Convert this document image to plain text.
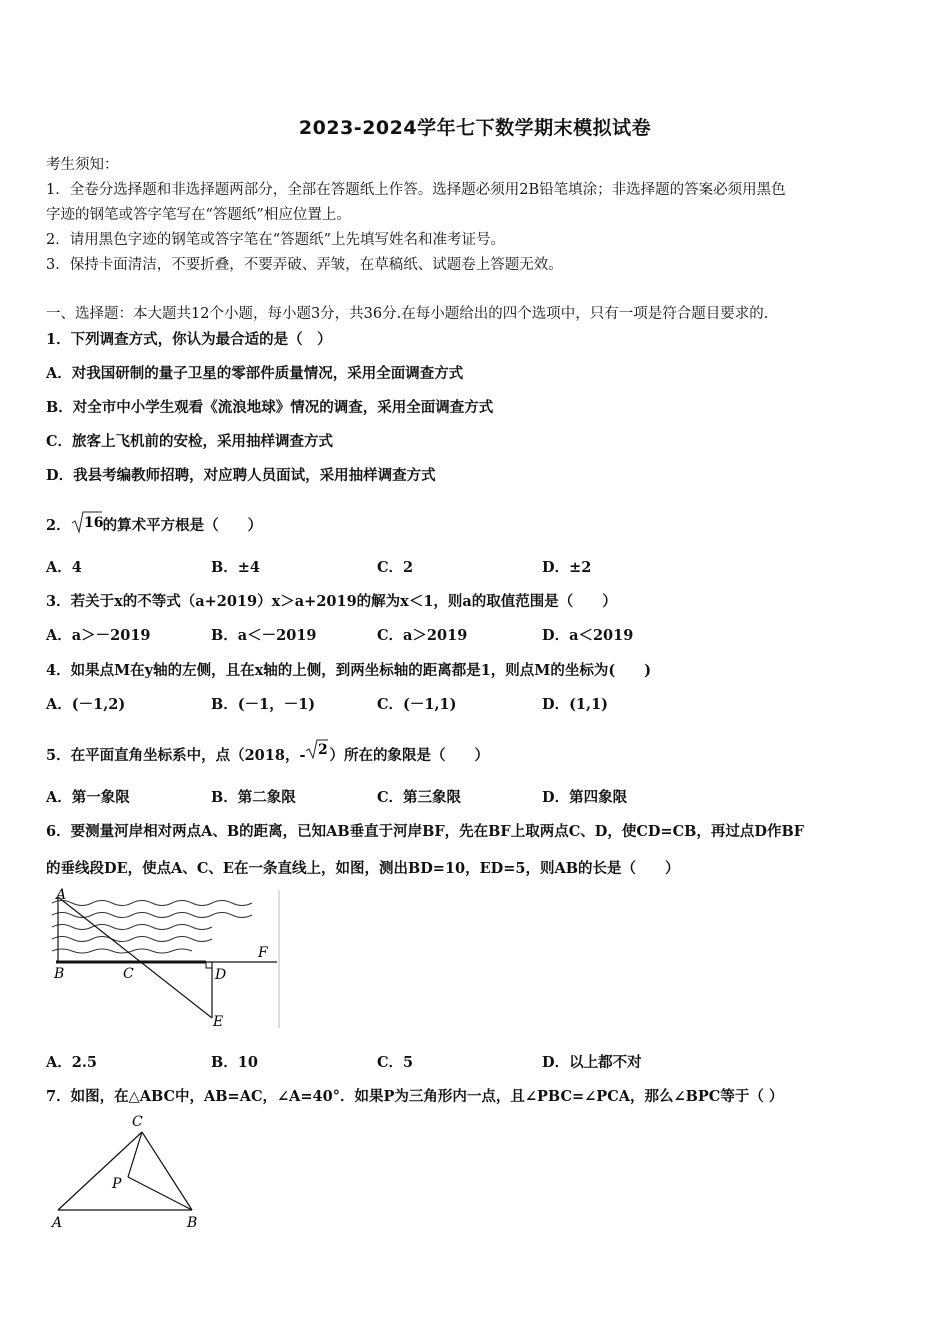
2023-2024学年七下数学期末模拟试卷
考生须知：
1．全卷分选择题和非选择题两部分，全部在答题纸上作答。选择题必须用2B铅笔填涂；非选择题的答案必须用黑色
字迹的钢笔或答字笔写在“答题纸”相应位置上。
2．请用黑色字迹的钢笔或答字笔在“答题纸”上先填写姓名和准考证号。
3．保持卡面清洁，不要折叠，不要弄破、弄皱，在草稿纸、试题卷上答题无效。
一、选择题：本大题共12个小题，每小题3分，共36分.在每小题给出的四个选项中，只有一项是符合题目要求的.
1．下列调查方式，你认为最合适的是（　）
A．对我国研制的量子卫星的零部件质量情况，采用全面调查方式
B．对全市中小学生观看《流浪地球》情况的调查，采用全面调查方式
C．旅客上飞机前的安检，采用抽样调查方式
D．我县考编教师招聘，对应聘人员面试，采用抽样调查方式
2． 16 的算术平方根是（　　）
A．4	B．±4	C．2	D．±2
3．若关于x的不等式（a+2019）x＞a+2019的解为x＜1，则a的取值范围是（　　）
A．a＞－2019	B．a＜－2019	C．a＞2019	D．a＜2019
4．如果点M在y轴的左侧，且在x轴的上侧，到两坐标轴的距离都是1，则点M的坐标为(　　)
A．(－1,2)	B．(－1，－1)	C．(－1,1)	D．(1,1)
5．在平面直角坐标系中，点（2018，- 2 ）所在的象限是（　　）
A．第一象限	B．第二象限	C．第三象限	D．第四象限
6．要测量河岸相对两点A、B的距离，已知AB垂直于河岸BF，先在BF上取两点C、D，使CD=CB，再过点D作BF
的垂线段DE，使点A、C、E在一条直线上，如图，测出BD=10，ED=5，则AB的长是（　　）
A
B	C	D
E
F
A．2.5	B．10	C．5	D．以上都不对
7．如图，在△ABC中，AB=AC，∠A=40°．如果P为三角形内一点，且∠PBC=∠PCA，那么∠BPC等于（ ）
C
P
A	B
